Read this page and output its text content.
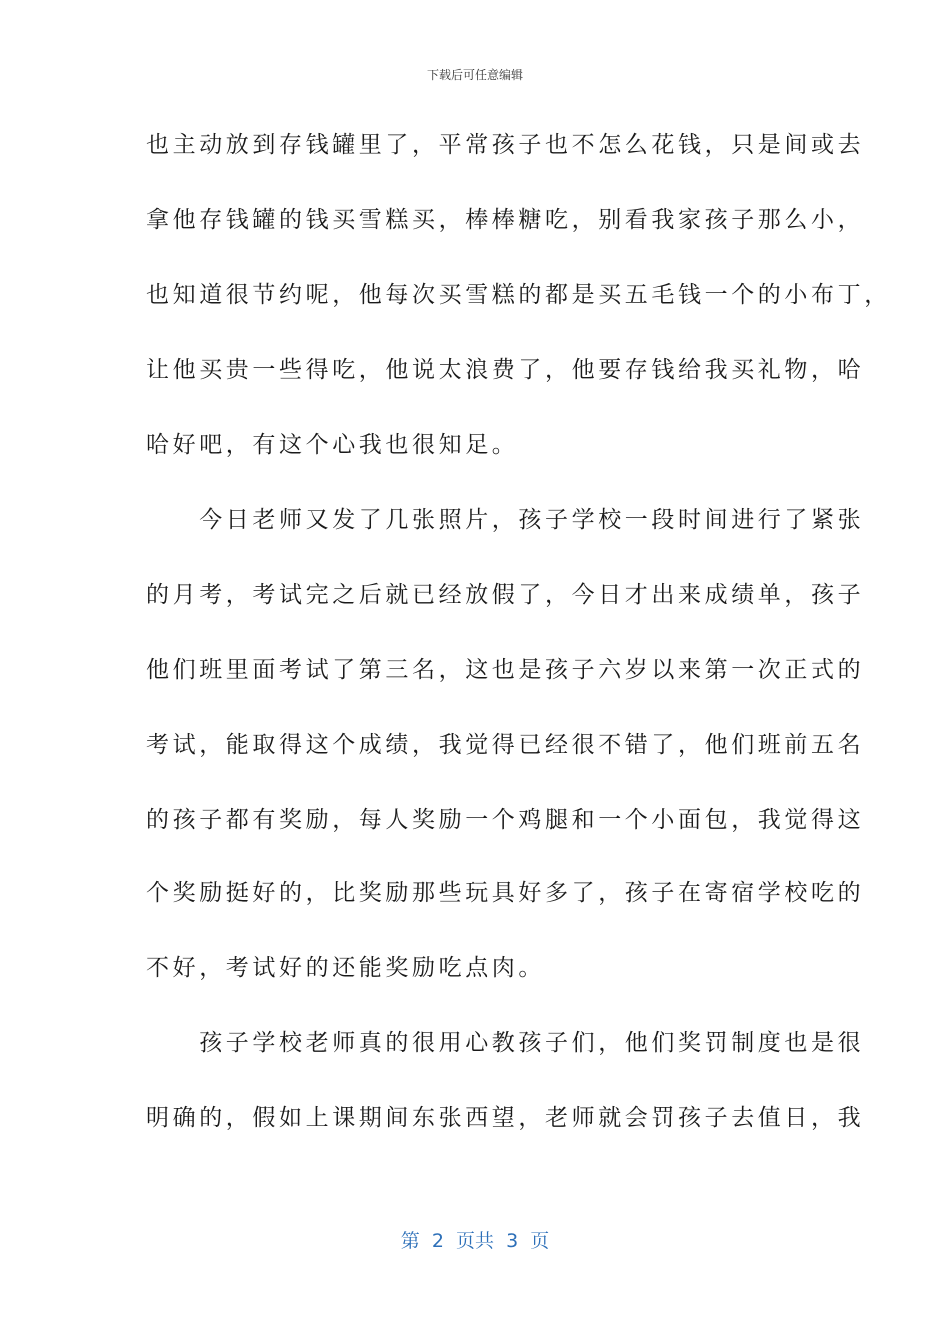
下载后可任意编辑
也主动放到存钱罐里了，平常孩子也不怎么花钱，只是间或去
拿他存钱罐的钱买雪糕买，棒棒糖吃，别看我家孩子那么小，
也知道很节约呢，他每次买雪糕的都是买五毛钱一个的小布丁，
让他买贵一些得吃，他说太浪费了，他要存钱给我买礼物，哈
哈好吧，有这个心我也很知足。
　　今日老师又发了几张照片，孩子学校一段时间进行了紧张
的月考，考试完之后就已经放假了，今日才出来成绩单，孩子
他们班里面考试了第三名，这也是孩子六岁以来第一次正式的
考试，能取得这个成绩，我觉得已经很不错了，他们班前五名
的孩子都有奖励，每人奖励一个鸡腿和一个小面包，我觉得这
个奖励挺好的，比奖励那些玩具好多了，孩子在寄宿学校吃的
不好，考试好的还能奖励吃点肉。
　　孩子学校老师真的很用心教孩子们，他们奖罚制度也是很
明确的，假如上课期间东张西望，老师就会罚孩子去值日，我
第  2  页共  3  页
